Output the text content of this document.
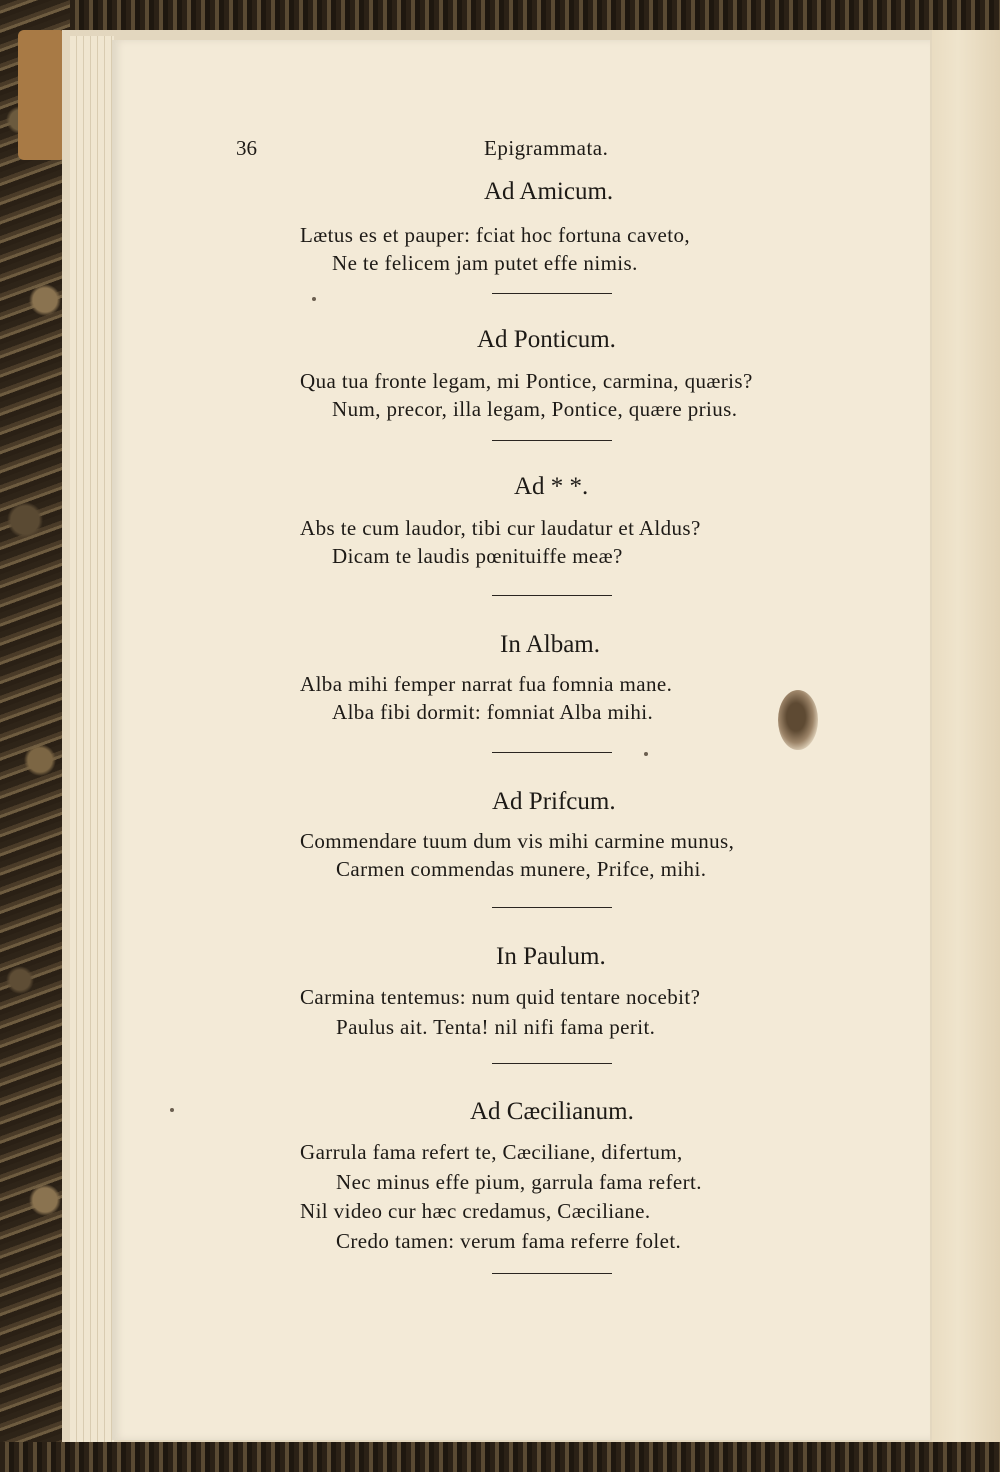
36	Epigrammata.
Ad Amicum.
Lætus es et pauper: fciat hoc fortuna caveto,
Ne te felicem jam putet effe nimis.
Ad Ponticum.
Qua tua fronte legam, mi Pontice, carmina, quæris?
Num, precor, illa legam, Pontice, quære prius.
Ad * *.
Abs te cum laudor, tibi cur laudatur et Aldus?
Dicam te laudis pœnituiffe meæ?
In Albam.
Alba mihi femper narrat fua fomnia mane.
Alba fibi dormit: fomniat Alba mihi.
Ad Prifcum.
Commendare tuum dum vis mihi carmine munus,
Carmen commendas munere, Prifce, mihi.
In Paulum.
Carmina tentemus: num quid tentare nocebit?
Paulus ait. Tenta! nil nifi fama perit.
Ad Cæcilianum.
Garrula fama refert te, Cæciliane, difertum,
Nec minus effe pium, garrula fama refert.
Nil video cur hæc credamus, Cæciliane.
Credo tamen: verum fama referre folet.
